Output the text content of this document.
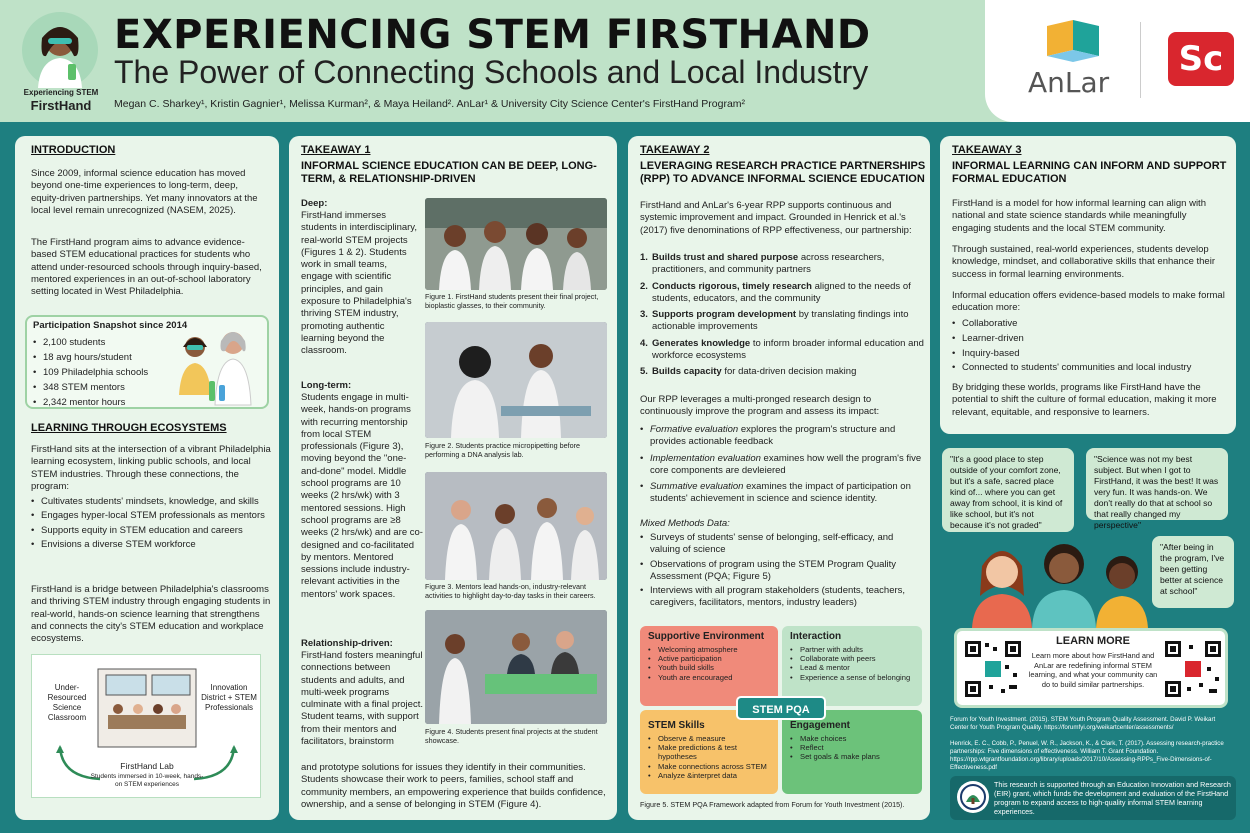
Experiencing STEM
FirstHand
EXPERIENCING STEM FIRSTHAND
The Power of Connecting Schools and Local Industry
Megan C. Sharkey¹, Kristin Gagnier¹, Melissa Kurman², & Maya Heiland². AnLar¹ & University City Science Center's FirstHand Program²
AnLar
Sc
INTRODUCTION

Since 2009, informal science education has moved beyond one-time experiences to long-term, deep, equity-driven partnerships. Yet many innovators at the local level remain unrecognized (NASEM, 2025).

The FirstHand program aims to advance evidence-based STEM educational practices for students who attend under-resourced schools through inquiry-based, mentored experiences in an out-of-school laboratory setting located in West Philadelphia.

Participation Snapshot since 2014
• 2,100 students
• 18 avg hours/student
• 109 Philadelphia schools
• 348 STEM mentors
• 2,342 mentor hours
LEARNING THROUGH ECOSYSTEMS

FirstHand sits at the intersection of a vibrant Philadelphia learning ecosystem, linking public schools, and local STEM industries. Through these connections, the program:

• Cultivates students' mindsets, knowledge, and skills
• Engages hyper-local STEM professionals as mentors
• Supports equity in STEM education and careers
• Envisions a diverse STEM workforce

FirstHand is a bridge between Philadelphia's classrooms and thriving STEM industry through engaging students in real-world, hands-on science learning that strengthens and connects the city's STEM education and workplace ecosystems.

Under-Resourced Science Classroom
Innovation District + STEM Professionals
FirstHand Lab
Students immersed in 10-week, hands-on STEM experiences
TAKEAWAY 1
INFORMAL SCIENCE EDUCATION CAN BE DEEP, LONG-TERM, & RELATIONSHIP-DRIVEN
Deep:

FirstHand immerses students in interdisciplinary, real-world STEM projects (Figures 1 & 2). Students work in small teams, engage with scientific principles, and gain exposure to Philadelphia's thriving STEM industry, promoting authentic learning beyond the classroom.

Long-term:

Students engage in multi-week, hands-on programs with recurring mentorship from local STEM professionals (Figure 3), moving beyond the "one-and-done" model. Middle school programs are 10 weeks (2 hrs/wk) with 3 mentored sessions. High school programs are ≥8 weeks (2 hrs/wk) and are co-designed and co-facilitated by mentors. Mentored sessions include industry-relevant activities in the mentors' work spaces.

Relationship-driven:

FirstHand fosters meaningful connections between students and adults, and multi-week programs culminate with a final project. Student teams, with support from their mentors and facilitators, brainstorm

and prototype solutions for issues they identify in their communities. Students showcase their work to peers, families, school staff and community members, an empowering experience that builds confidence, ownership, and a sense of belonging in STEM (Figure 4).

Figure 1. FirstHand students present their final project, bioplastic glasses, to their community.
Figure 2. Students practice micropipetting before performing a DNA analysis lab.
Figure 3. Mentors lead hands-on, industry-relevant activities to highlight day-to-day tasks in their careers.
Figure 4. Students present final projects at the student showcase.
TAKEAWAY 2
LEVERAGING RESEARCH PRACTICE PARTNERSHIPS (RPP) TO ADVANCE INFORMAL SCIENCE EDUCATION

FirstHand and AnLar's 6-year RPP supports continuous and systemic improvement and impact. Grounded in Henrick et al.'s (2017) five denominations of RPP effectiveness, our partnership:

1. Builds trust and shared purpose across researchers, practitioners, and community partners
2. Conducts rigorous, timely research aligned to the needs of students, educators, and the community
3. Supports program development by translating findings into actionable improvements
4. Generates knowledge to inform broader informal education and workforce ecosystems
5. Builds capacity for data-driven decision making

Our RPP leverages a multi-pronged research design to continuously improve the program and assess its impact:

• Formative evaluation explores the program's structure and provides actionable feedback
• Implementation evaluation examines how well the program's five core components are devleiered
• Summative evaluation examines the impact of participation on students' achievement in science and science identity.
Mixed Methods Data:
• Surveys of students' sense of belonging, self-efficacy, and valuing of science
• Observations of program using the STEM Program Quality Assessment (PQA; Figure 5)
• Interviews with all program stakeholders (students, teachers, caregivers, facilitators, mentors, industry leaders)
Supportive Environment
• Welcoming atmosphere
• Active participation
• Youth build skills
• Youth are encouraged
Interaction
• Partner with adults
• Collaborate with peers
• Lead & mentor
• Experience a sense of belonging
STEM Skills
• Observe & measure
• Make predictions & test hypotheses
• Make connections across STEM
• Analyze &interpret data
Engagement
• Make choices
• Reflect
• Set goals & make plans
STEM PQA
Figure 5. STEM PQA Framework adapted from Forum for Youth Investment (2015).
TAKEAWAY 3
INFORMAL LEARNING CAN INFORM AND SUPPORT FORMAL EDUCATION

FirstHand is a model for how informal learning can align with national and state science standards while meaningfully engaging students and the local STEM community.

Through sustained, real-world experiences, students develop knowledge, mindset, and collaborative skills that enhance their success in formal learning environments.

Informal education offers evidence-based models to make formal education more:

• Collaborative
• Learner-driven
• Inquiry-based
• Connected to students' communities and local industry

By bridging these worlds, programs like FirstHand have the potential to shift the culture of formal education, making it more relevant, equitable, and responsive to learners.

"It's a good place to step outside of your comfort zone, but it's a safe, sacred place kind of... where you can get away from school, it is kind of like school, but it's not because it's not graded"
"Science was not my best subject. But when I got to FirstHand, it was the best! It was very fun. It was hands-on. We don't really do that at school so that really changed my perspective"
"After being in the program, I've been getting better at science at school"
LEARN MORE
Learn more about how FirstHand and AnLar are redefining informal STEM learning, and what your community can do to build similar partnerships.
Forum for Youth Investment. (2015). STEM Youth Program Quality Assessment. David P. Weikart Center for Youth Program Quality. https://forumfyi.org/weikartcenter/assessments/
Henrick, E. C., Cobb, P., Penuel, W. R., Jackson, K., & Clark, T. (2017). Assessing research-practice partnerships: Five dimensions of effectiveness. William T. Grant Foundation. https://rpp.wtgrantfoundation.org/library/uploads/2017/10/Assessing-RPPs_Five-Dimensions-of-Effectiveness.pdf
This research is supported through an Education Innovation and Research (EIR) grant, which funds the development and evaluation of the FirstHand program to expand access to high-quality informal STEM learning experiences.
